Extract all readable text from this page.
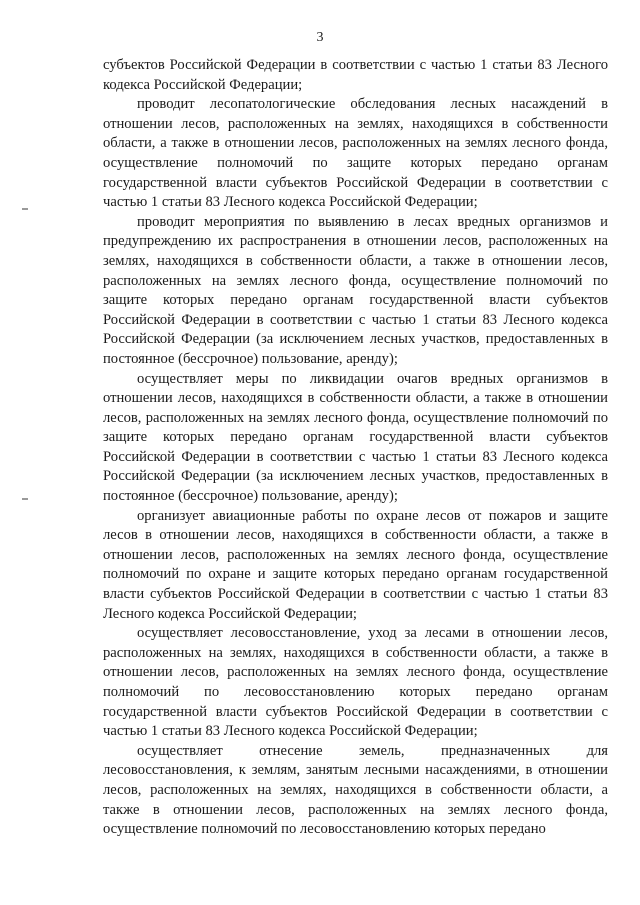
3

субъектов Российской Федерации в соответствии с частью 1 статьи 83 Лесного кодекса Российской Федерации;

проводит лесопатологические обследования лесных насаждений в отношении лесов, расположенных на землях, находящихся в собственности области, а также в отношении лесов, расположенных на землях лесного фонда, осуществление полномочий по защите которых передано органам государственной власти субъектов Российской Федерации в соответствии с частью 1 статьи 83 Лесного кодекса Российской Федерации;

проводит мероприятия по выявлению в лесах вредных организмов и предупреждению их распространения в отношении лесов, расположенных на землях, находящихся в собственности области, а также в отношении лесов, расположенных на землях лесного фонда, осуществление полномочий по защите которых передано органам государственной власти субъектов Российской Федерации в соответствии с частью 1 статьи 83 Лесного кодекса Российской Федерации (за исключением лесных участков, предоставленных в постоянное (бессрочное) пользование, аренду);

осуществляет меры по ликвидации очагов вредных организмов в отношении лесов, находящихся в собственности области, а также в отношении лесов, расположенных на землях лесного фонда, осуществление полномочий по защите которых передано органам государственной власти субъектов Российской Федерации в соответствии с частью 1 статьи 83 Лесного кодекса Российской Федерации (за исключением лесных участков, предоставленных в постоянное (бессрочное) пользование, аренду);

организует авиационные работы по охране лесов от пожаров и защите лесов в отношении лесов, находящихся в собственности области, а также в отношении лесов, расположенных на землях лесного фонда, осуществление полномочий по охране и защите которых передано органам государственной власти субъектов Российской Федерации в соответствии с частью 1 статьи 83 Лесного кодекса Российской Федерации;

осуществляет лесовосстановление, уход за лесами в отношении лесов, расположенных на землях, находящихся в собственности области, а также в отношении лесов, расположенных на землях лесного фонда, осуществление полномочий по лесовосстановлению которых передано органам государственной власти субъектов Российской Федерации в соответствии с частью 1 статьи 83 Лесного кодекса Российской Федерации;

осуществляет отнесение земель, предназначенных для лесовосстановления, к землям, занятым лесными насаждениями, в отношении лесов, расположенных на землях, находящихся в собственности области, а также в отношении лесов, расположенных на землях лесного фонда, осуществление полномочий по лесовосстановлению которых передано
